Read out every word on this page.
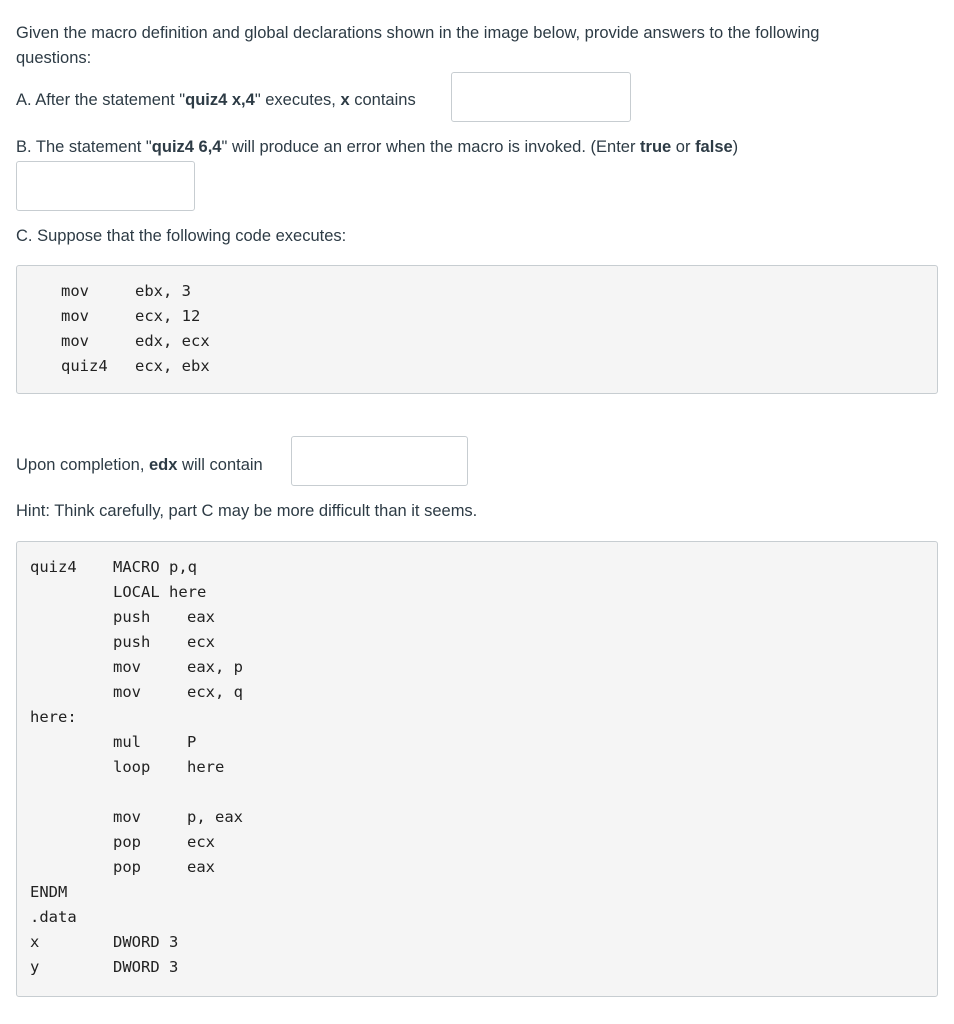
Given the macro definition and global declarations shown in the image below, provide answers to the following
questions:
A. After the statement "quiz4 x,4" executes, x contains
B. The statement "quiz4 6,4" will produce an error when the macro is invoked. (Enter true or false)
C. Suppose that the following code executes:
mov	ebx, 3
mov	ecx, 12
mov	edx, ecx
quiz4 ecx, ebx
Upon completion, edx will contain
Hint: Think carefully, part C may be more difficult than it seems.
quiz4 MACRO p,q
LOCAL here
push eax
push ecx
mov	eax, p
mov	ecx, q
here:
mul	P
loop here
mov	p, eax
pop	ecx
pop	eax
ENDM
.data
x	DWORD 3
y	DWORD 3
